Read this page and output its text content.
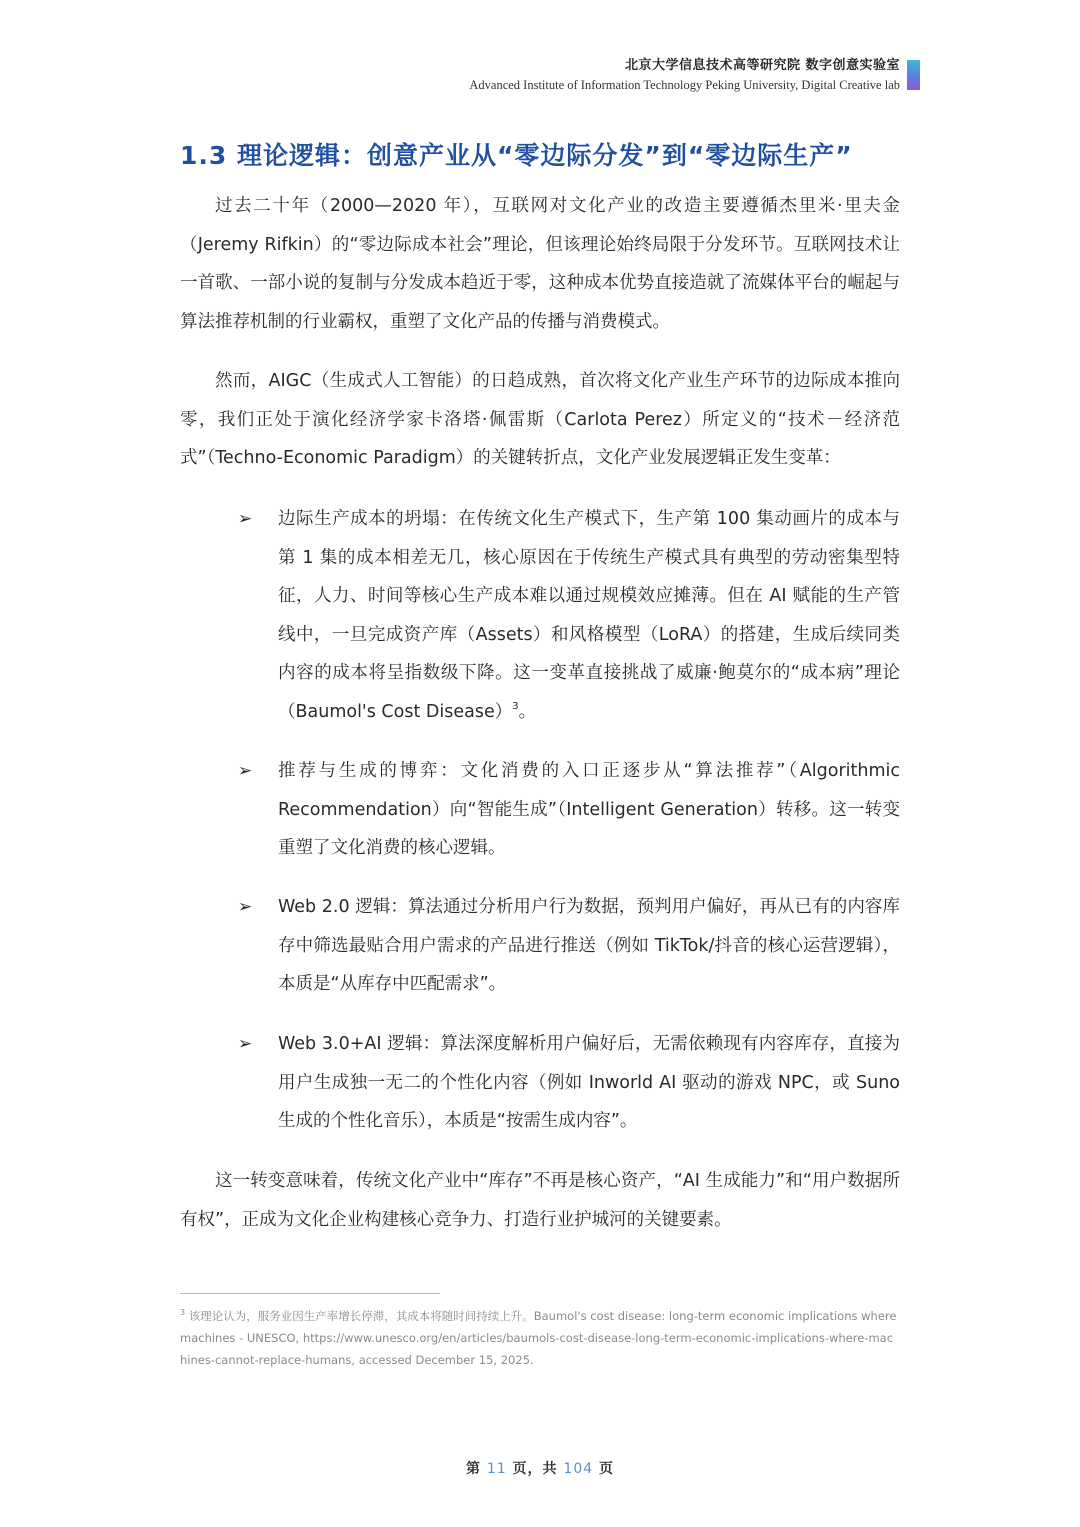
北京大学信息技术高等研究院 数字创意实验室
Advanced Institute of Information Technology Peking University, Digital Creative lab
1.3 理论逻辑：创意产业从“零边际分发”到“零边际生产”

过去二十年（2000—2020 年），互联网对文化产业的改造主要遵循杰里米·里夫金（Jeremy Rifkin）的“零边际成本社会”理论，但该理论始终局限于分发环节。互联网技术让一首歌、一部小说的复制与分发成本趋近于零，这种成本优势直接造就了流媒体平台的崛起与算法推荐机制的行业霸权，重塑了文化产品的传播与消费模式。

然而，AIGC（生成式人工智能）的日趋成熟，首次将文化产业生产环节的边际成本推向零，我们正处于演化经济学家卡洛塔·佩雷斯（Carlota Perez）所定义的“技术－经济范式”（Techno-Economic Paradigm）的关键转折点，文化产业发展逻辑正发生变革：

➢ 边际生产成本的坍塌：在传统文化生产模式下，生产第 100 集动画片的成本与第 1 集的成本相差无几，核心原因在于传统生产模式具有典型的劳动密集型特征，人力、时间等核心生产成本难以通过规模效应摊薄。但在 AI 赋能的生产管线中，一旦完成资产库（Assets）和风格模型（LoRA）的搭建，生成后续同类内容的成本将呈指数级下降。这一变革直接挑战了威廉·鲍莫尔的“成本病”理论（Baumol's Cost Disease）$^3$。

➢ 推荐与生成的博弈：文化消费的入口正逐步从“算法推荐”（Algorithmic Recommendation）向“智能生成”（Intelligent Generation）转移。这一转变重塑了文化消费的核心逻辑。

➢ Web 2.0 逻辑：算法通过分析用户行为数据，预判用户偏好，再从已有的内容库存中筛选最贴合用户需求的产品进行推送（例如 TikTok/抖音的核心运营逻辑），本质是“从库存中匹配需求”。

➢ Web 3.0+AI 逻辑：算法深度解析用户偏好后，无需依赖现有内容库存，直接为用户生成独一无二的个性化内容（例如 Inworld AI 驱动的游戏 NPC，或 Suno 生成的个性化音乐），本质是“按需生成内容”。

这一转变意味着，传统文化产业中“库存”不再是核心资产，“AI 生成能力”和“用户数据所有权”，正成为文化企业构建核心竞争力、打造行业护城河的关键要素。

$^3$ 该理论认为，服务业因生产率增长停滞，其成本将随时间持续上升。Baumol's cost disease: long-term economic implications where machines - UNESCO, https://www.unesco.org/en/articles/baumols-cost-disease-long-term-economic-implications-where-machines-cannot-replace-humans, accessed December 15, 2025.

第 11 页，共 104 页
